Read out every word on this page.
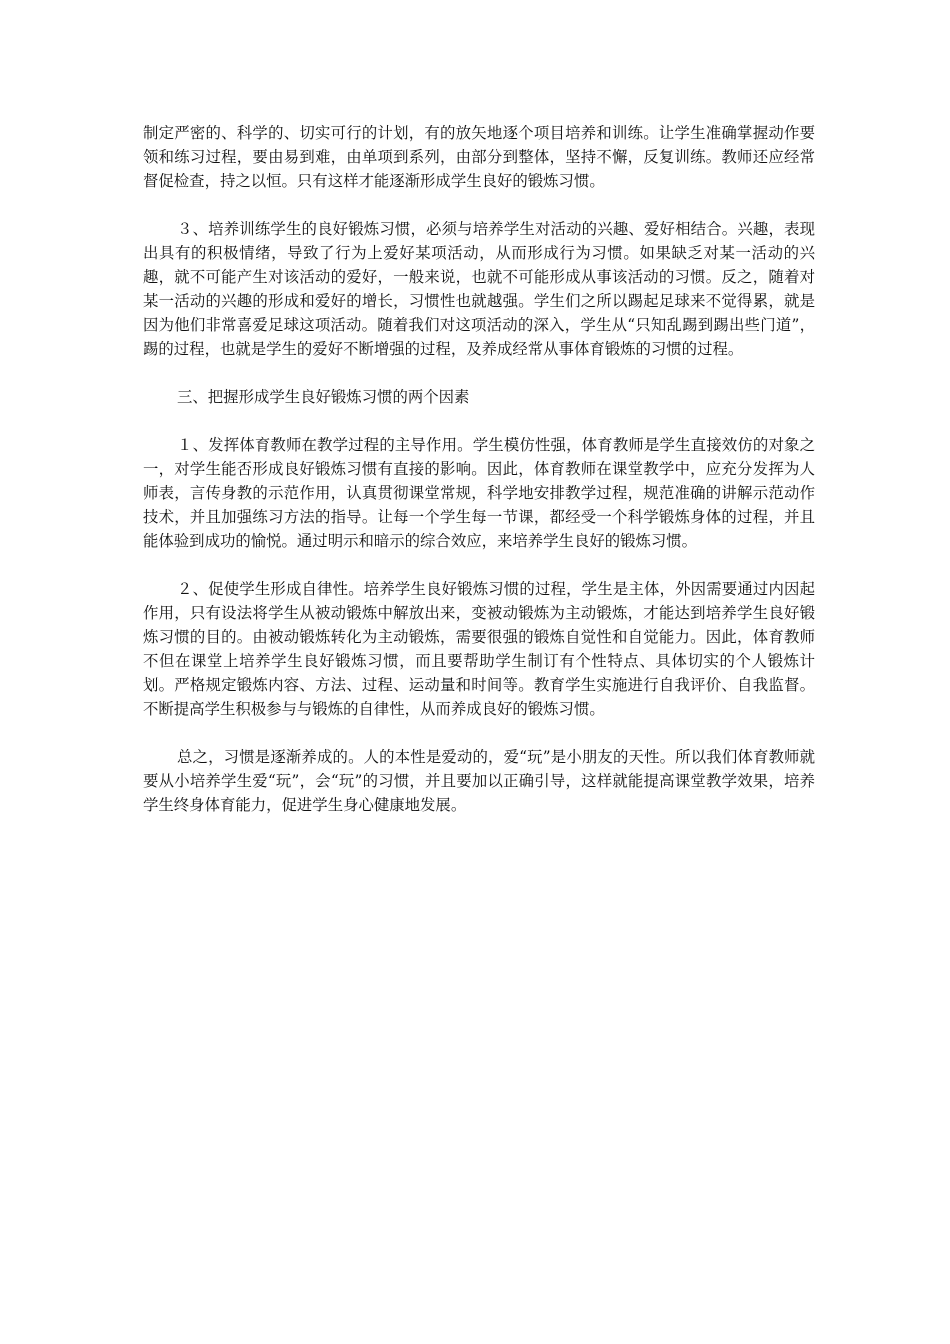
制定严密的、科学的、切实可行的计划，有的放矢地逐个项目培养和训练。让学生准确掌握动作要领和练习过程，要由易到难，由单项到系列，由部分到整体，坚持不懈，反复训练。教师还应经常督促检查，持之以恒。只有这样才能逐渐形成学生良好的锻炼习惯。

３、培养训练学生的良好锻炼习惯，必须与培养学生对活动的兴趣、爱好相结合。兴趣，表现出具有的积极情绪，导致了行为上爱好某项活动，从而形成行为习惯。如果缺乏对某一活动的兴趣，就不可能产生对该活动的爱好，一般来说，也就不可能形成从事该活动的习惯。反之，随着对某一活动的兴趣的形成和爱好的增长，习惯性也就越强。学生们之所以踢起足球来不觉得累，就是因为他们非常喜爱足球这项活动。随着我们对这项活动的深入，学生从“只知乱踢到踢出些门道”，踢的过程，也就是学生的爱好不断增强的过程，及养成经常从事体育锻炼的习惯的过程。

三、把握形成学生良好锻炼习惯的两个因素

１、发挥体育教师在教学过程的主导作用。学生模仿性强，体育教师是学生直接效仿的对象之一，对学生能否形成良好锻炼习惯有直接的影响。因此，体育教师在课堂教学中，应充分发挥为人师表，言传身教的示范作用，认真贯彻课堂常规，科学地安排教学过程，规范准确的讲解示范动作技术，并且加强练习方法的指导。让每一个学生每一节课，都经受一个科学锻炼身体的过程，并且能体验到成功的愉悦。通过明示和暗示的综合效应，来培养学生良好的锻炼习惯。

２、促使学生形成自律性。培养学生良好锻炼习惯的过程，学生是主体，外因需要通过内因起作用，只有设法将学生从被动锻炼中解放出来，变被动锻炼为主动锻炼，才能达到培养学生良好锻炼习惯的目的。由被动锻炼转化为主动锻炼，需要很强的锻炼自觉性和自觉能力。因此，体育教师不但在课堂上培养学生良好锻炼习惯，而且要帮助学生制订有个性特点、具体切实的个人锻炼计划。严格规定锻炼内容、方法、过程、运动量和时间等。教育学生实施进行自我评价、自我监督。不断提高学生积极参与与锻炼的自律性，从而养成良好的锻炼习惯。

总之，习惯是逐渐养成的。人的本性是爱动的，爱“玩”是小朋友的天性。所以我们体育教师就要从小培养学生爱“玩”，会“玩”的习惯，并且要加以正确引导，这样就能提高课堂教学效果，培养学生终身体育能力，促进学生身心健康地发展。
